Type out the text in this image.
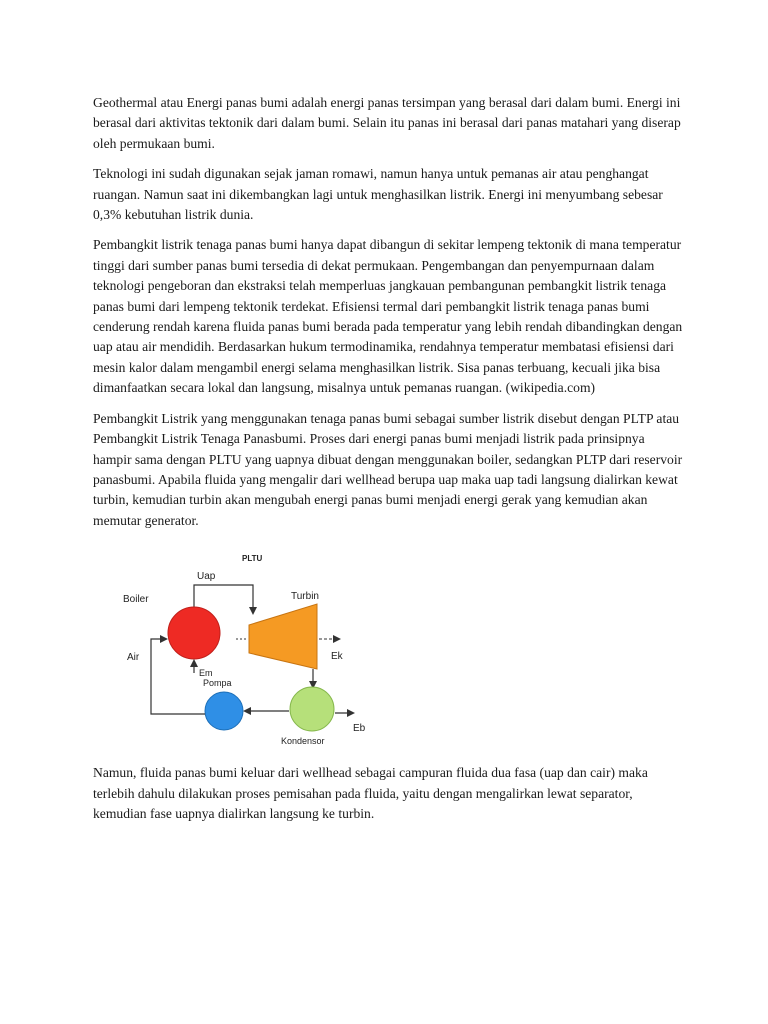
Geothermal atau Energi panas bumi adalah energi panas tersimpan yang berasal dari dalam bumi. Energi ini berasal dari aktivitas tektonik dari dalam bumi. Selain itu panas ini berasal dari panas matahari yang diserap oleh permukaan bumi.

Teknologi ini sudah digunakan sejak jaman romawi, namun hanya untuk pemanas air atau penghangat ruangan. Namun saat ini dikembangkan lagi untuk menghasilkan listrik. Energi ini menyumbang sebesar 0,3% kebutuhan listrik dunia.

Pembangkit listrik tenaga panas bumi hanya dapat dibangun di sekitar lempeng tektonik di mana temperatur tinggi dari sumber panas bumi tersedia di dekat permukaan. Pengembangan dan penyempurnaan dalam teknologi pengeboran dan ekstraksi telah memperluas jangkauan pembangunan pembangkit listrik tenaga panas bumi dari lempeng tektonik terdekat. Efisiensi termal dari pembangkit listrik tenaga panas bumi cenderung rendah karena fluida panas bumi berada pada temperatur yang lebih rendah dibandingkan dengan uap atau air mendidih. Berdasarkan hukum termodinamika, rendahnya temperatur membatasi efisiensi dari mesin kalor dalam mengambil energi selama menghasilkan listrik. Sisa panas terbuang, kecuali jika bisa dimanfaatkan secara lokal dan langsung, misalnya untuk pemanas ruangan. (wikipedia.com)

Pembangkit Listrik yang menggunakan tenaga panas bumi sebagai sumber listrik disebut dengan PLTP atau Pembangkit Listrik Tenaga Panasbumi. Proses dari energi panas bumi menjadi listrik pada prinsipnya hampir sama dengan PLTU yang uapnya dibuat dengan menggunakan boiler, sedangkan PLTP dari reservoir panasbumi. Apabila fluida yang mengalir dari wellhead berupa uap maka uap tadi langsung dialirkan kewat turbin, kemudian turbin akan mengubah energi panas bumi menjadi energi gerak yang kemudian akan memutar generator.

PLTU
Uap
Turbin
Boiler
Air
Em
Ek
Pompa
Kondensor
Eb

Namun, fluida panas bumi keluar dari wellhead sebagai campuran fluida dua fasa (uap dan cair) maka terlebih dahulu dilakukan proses pemisahan pada fluida, yaitu dengan mengalirkan lewat separator, kemudian fase uapnya dialirkan langsung ke turbin.
